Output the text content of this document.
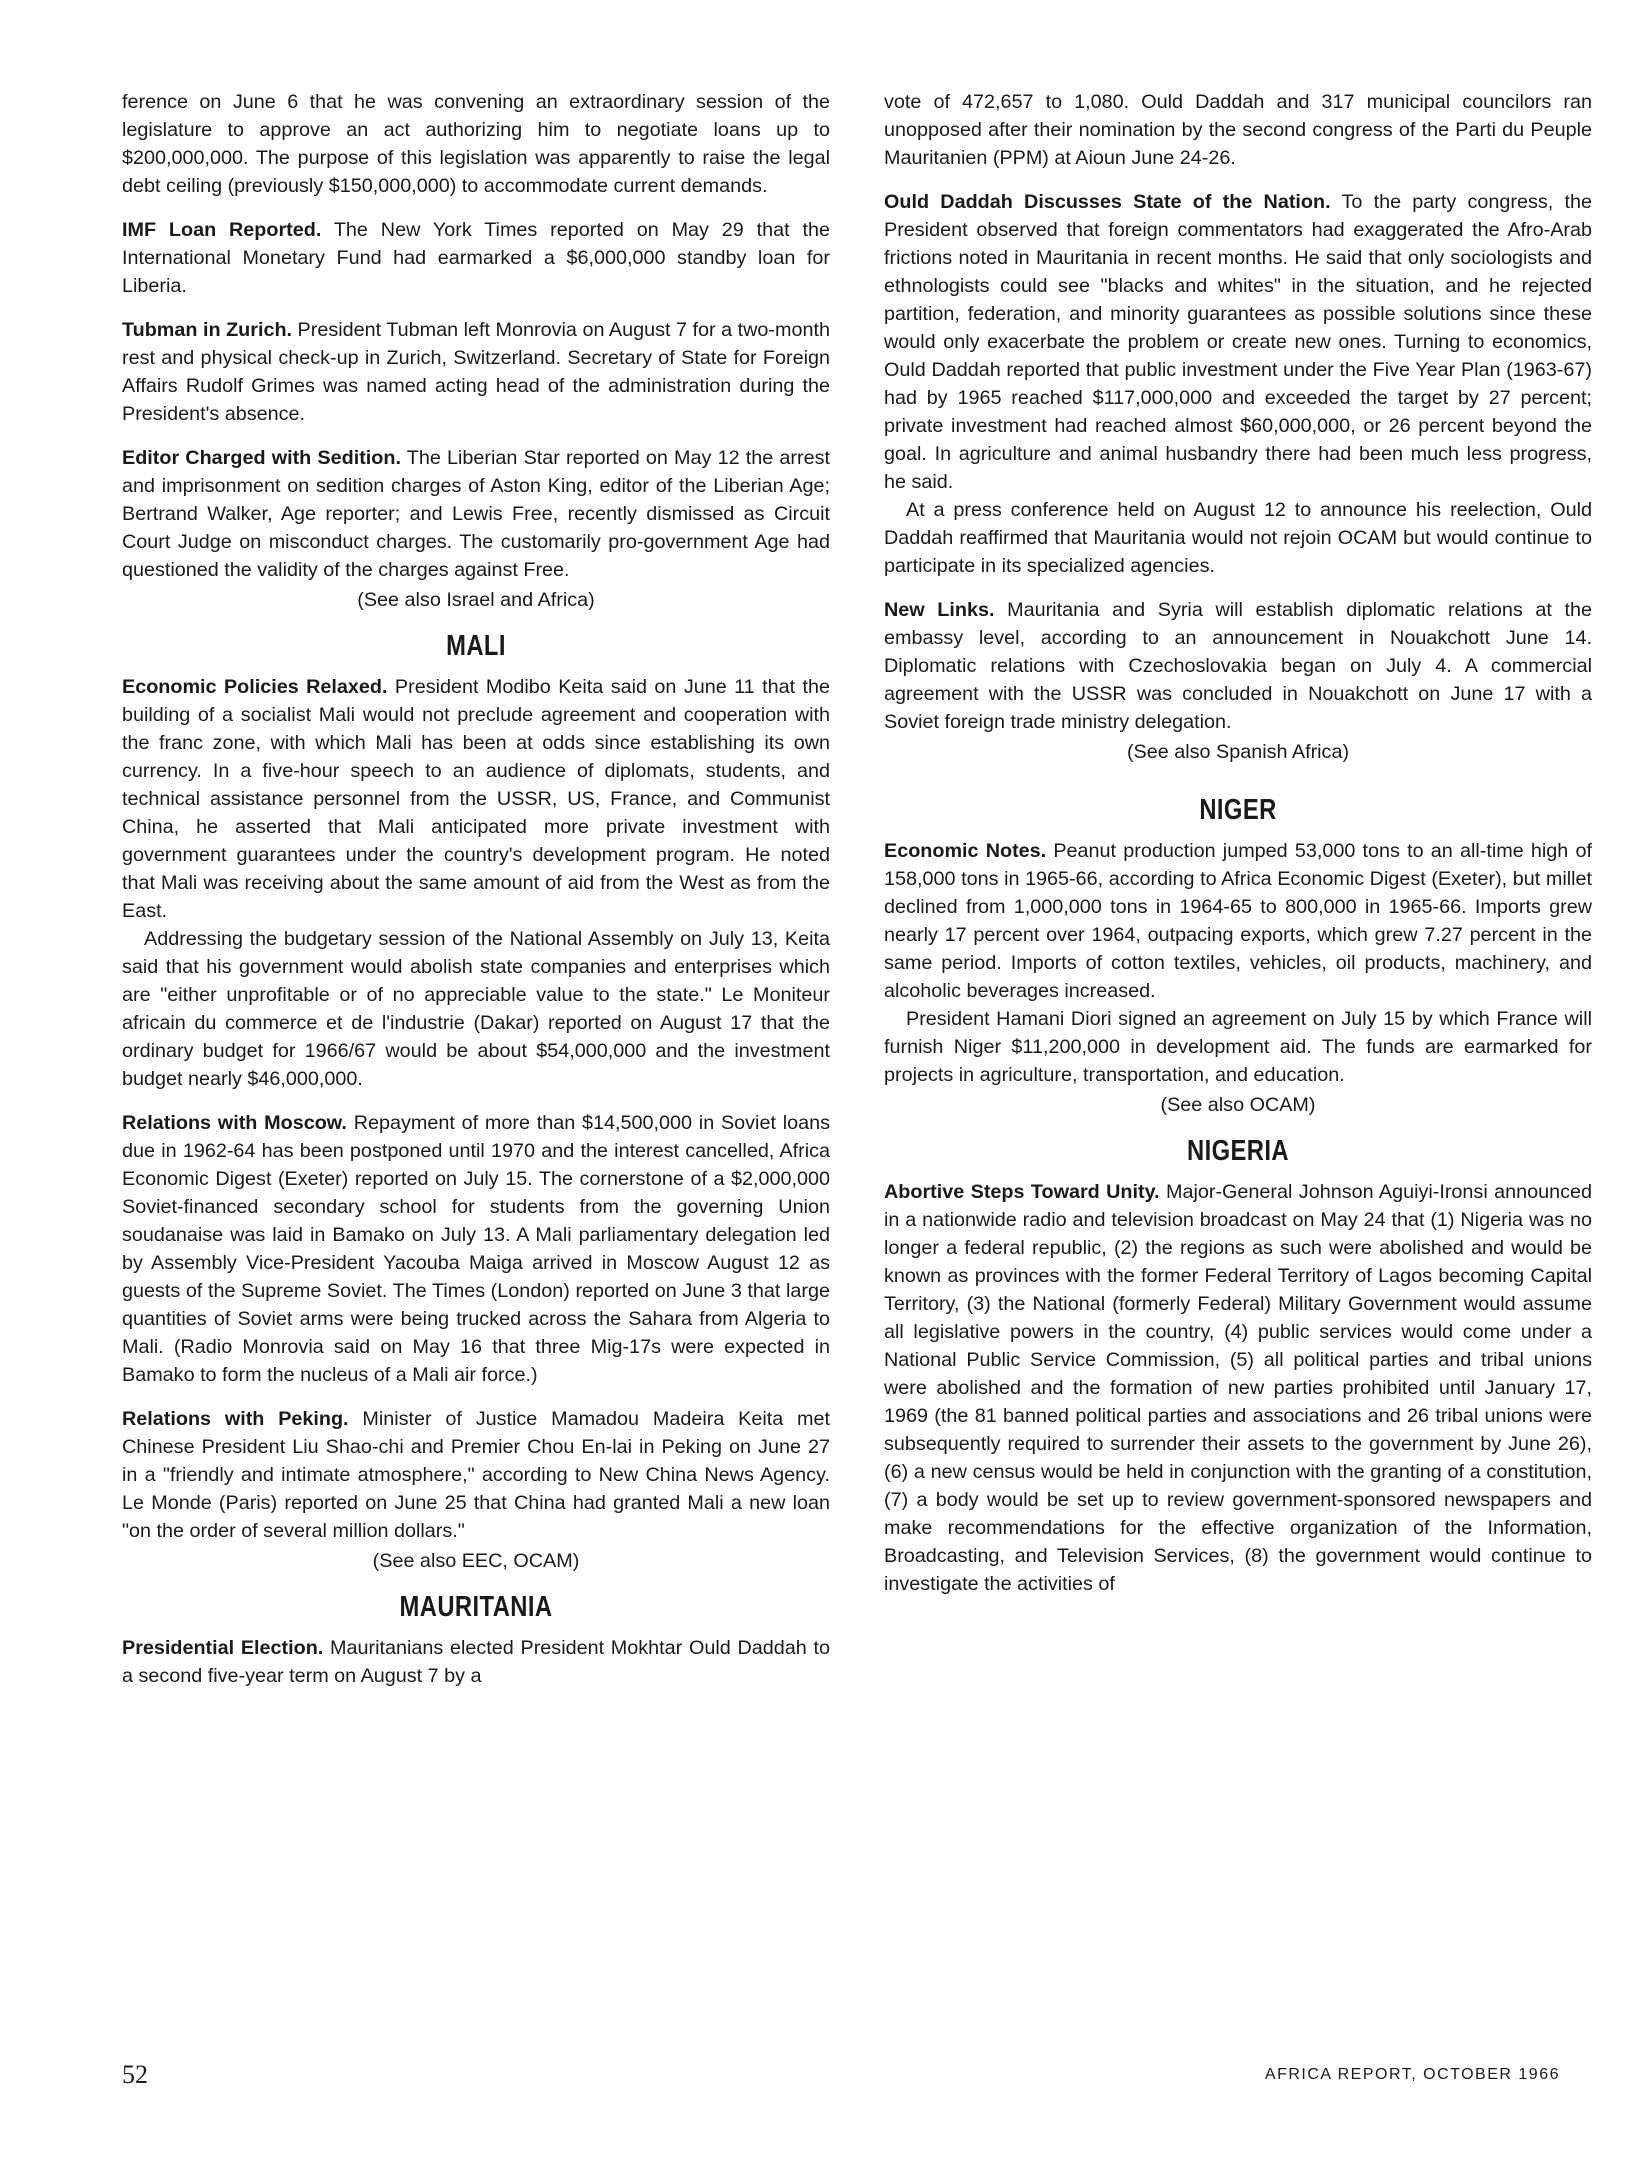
ference on June 6 that he was convening an extraordinary session of the legislature to approve an act authorizing him to negotiate loans up to $200,000,000. The purpose of this legislation was apparently to raise the legal debt ceiling (previously $150,000,000) to accommodate current demands.

IMF Loan Reported. The New York Times reported on May 29 that the International Monetary Fund had earmarked a $6,000,000 standby loan for Liberia.

Tubman in Zurich. President Tubman left Monrovia on August 7 for a two-month rest and physical check-up in Zurich, Switzerland. Secretary of State for Foreign Affairs Rudolf Grimes was named acting head of the administration during the President's absence.

Editor Charged with Sedition. The Liberian Star reported on May 12 the arrest and imprisonment on sedition charges of Aston King, editor of the Liberian Age; Bertrand Walker, Age reporter; and Lewis Free, recently dismissed as Circuit Court Judge on misconduct charges. The customarily pro-government Age had questioned the validity of the charges against Free.

(See also Israel and Africa)
MALI

Economic Policies Relaxed. President Modibo Keita said on June 11 that the building of a socialist Mali would not preclude agreement and cooperation with the franc zone, with which Mali has been at odds since establishing its own currency. In a five-hour speech to an audience of diplomats, students, and technical assistance personnel from the USSR, US, France, and Communist China, he asserted that Mali anticipated more private investment with government guarantees under the country's development program. He noted that Mali was receiving about the same amount of aid from the West as from the East.

Addressing the budgetary session of the National Assembly on July 13, Keita said that his government would abolish state companies and enterprises which are "either unprofitable or of no appreciable value to the state." Le Moniteur africain du commerce et de l'industrie (Dakar) reported on August 17 that the ordinary budget for 1966/67 would be about $54,000,000 and the investment budget nearly $46,000,000.

Relations with Moscow. Repayment of more than $14,500,000 in Soviet loans due in 1962-64 has been postponed until 1970 and the interest cancelled, Africa Economic Digest (Exeter) reported on July 15. The cornerstone of a $2,000,000 Soviet-financed secondary school for students from the governing Union soudanaise was laid in Bamako on July 13. A Mali parliamentary delegation led by Assembly Vice-President Yacouba Maiga arrived in Moscow August 12 as guests of the Supreme Soviet. The Times (London) reported on June 3 that large quantities of Soviet arms were being trucked across the Sahara from Algeria to Mali. (Radio Monrovia said on May 16 that three Mig-17s were expected in Bamako to form the nucleus of a Mali air force.)

Relations with Peking. Minister of Justice Mamadou Madeira Keita met Chinese President Liu Shao-chi and Premier Chou En-lai in Peking on June 27 in a "friendly and intimate atmosphere," according to New China News Agency. Le Monde (Paris) reported on June 25 that China had granted Mali a new loan "on the order of several million dollars."

(See also EEC, OCAM)
MAURITANIA

Presidential Election. Mauritanians elected President Mokhtar Ould Daddah to a second five-year term on August 7 by a

vote of 472,657 to 1,080. Ould Daddah and 317 municipal councilors ran unopposed after their nomination by the second congress of the Parti du Peuple Mauritanien (PPM) at Aioun June 24-26.

Ould Daddah Discusses State of the Nation. To the party congress, the President observed that foreign commentators had exaggerated the Afro-Arab frictions noted in Mauritania in recent months. He said that only sociologists and ethnologists could see "blacks and whites" in the situation, and he rejected partition, federation, and minority guarantees as possible solutions since these would only exacerbate the problem or create new ones. Turning to economics, Ould Daddah reported that public investment under the Five Year Plan (1963-67) had by 1965 reached $117,000,000 and exceeded the target by 27 percent; private investment had reached almost $60,000,000, or 26 percent beyond the goal. In agriculture and animal husbandry there had been much less progress, he said.

At a press conference held on August 12 to announce his reelection, Ould Daddah reaffirmed that Mauritania would not rejoin OCAM but would continue to participate in its specialized agencies.

New Links. Mauritania and Syria will establish diplomatic relations at the embassy level, according to an announcement in Nouakchott June 14. Diplomatic relations with Czechoslovakia began on July 4. A commercial agreement with the USSR was concluded in Nouakchott on June 17 with a Soviet foreign trade ministry delegation.

(See also Spanish Africa)
NIGER

Economic Notes. Peanut production jumped 53,000 tons to an all-time high of 158,000 tons in 1965-66, according to Africa Economic Digest (Exeter), but millet declined from 1,000,000 tons in 1964-65 to 800,000 in 1965-66. Imports grew nearly 17 percent over 1964, outpacing exports, which grew 7.27 percent in the same period. Imports of cotton textiles, vehicles, oil products, machinery, and alcoholic beverages increased.

President Hamani Diori signed an agreement on July 15 by which France will furnish Niger $11,200,000 in development aid. The funds are earmarked for projects in agriculture, transportation, and education.

(See also OCAM)
NIGERIA

Abortive Steps Toward Unity. Major-General Johnson Aguiyi-Ironsi announced in a nationwide radio and television broadcast on May 24 that (1) Nigeria was no longer a federal republic, (2) the regions as such were abolished and would be known as provinces with the former Federal Territory of Lagos becoming Capital Territory, (3) the National (formerly Federal) Military Government would assume all legislative powers in the country, (4) public services would come under a National Public Service Commission, (5) all political parties and tribal unions were abolished and the formation of new parties prohibited until January 17, 1969 (the 81 banned political parties and associations and 26 tribal unions were subsequently required to surrender their assets to the government by June 26), (6) a new census would be held in conjunction with the granting of a constitution, (7) a body would be set up to review government-sponsored newspapers and make recommendations for the effective organization of the Information, Broadcasting, and Television Services, (8) the government would continue to investigate the activities of

52	AFRICA REPORT, OCTOBER 1966
